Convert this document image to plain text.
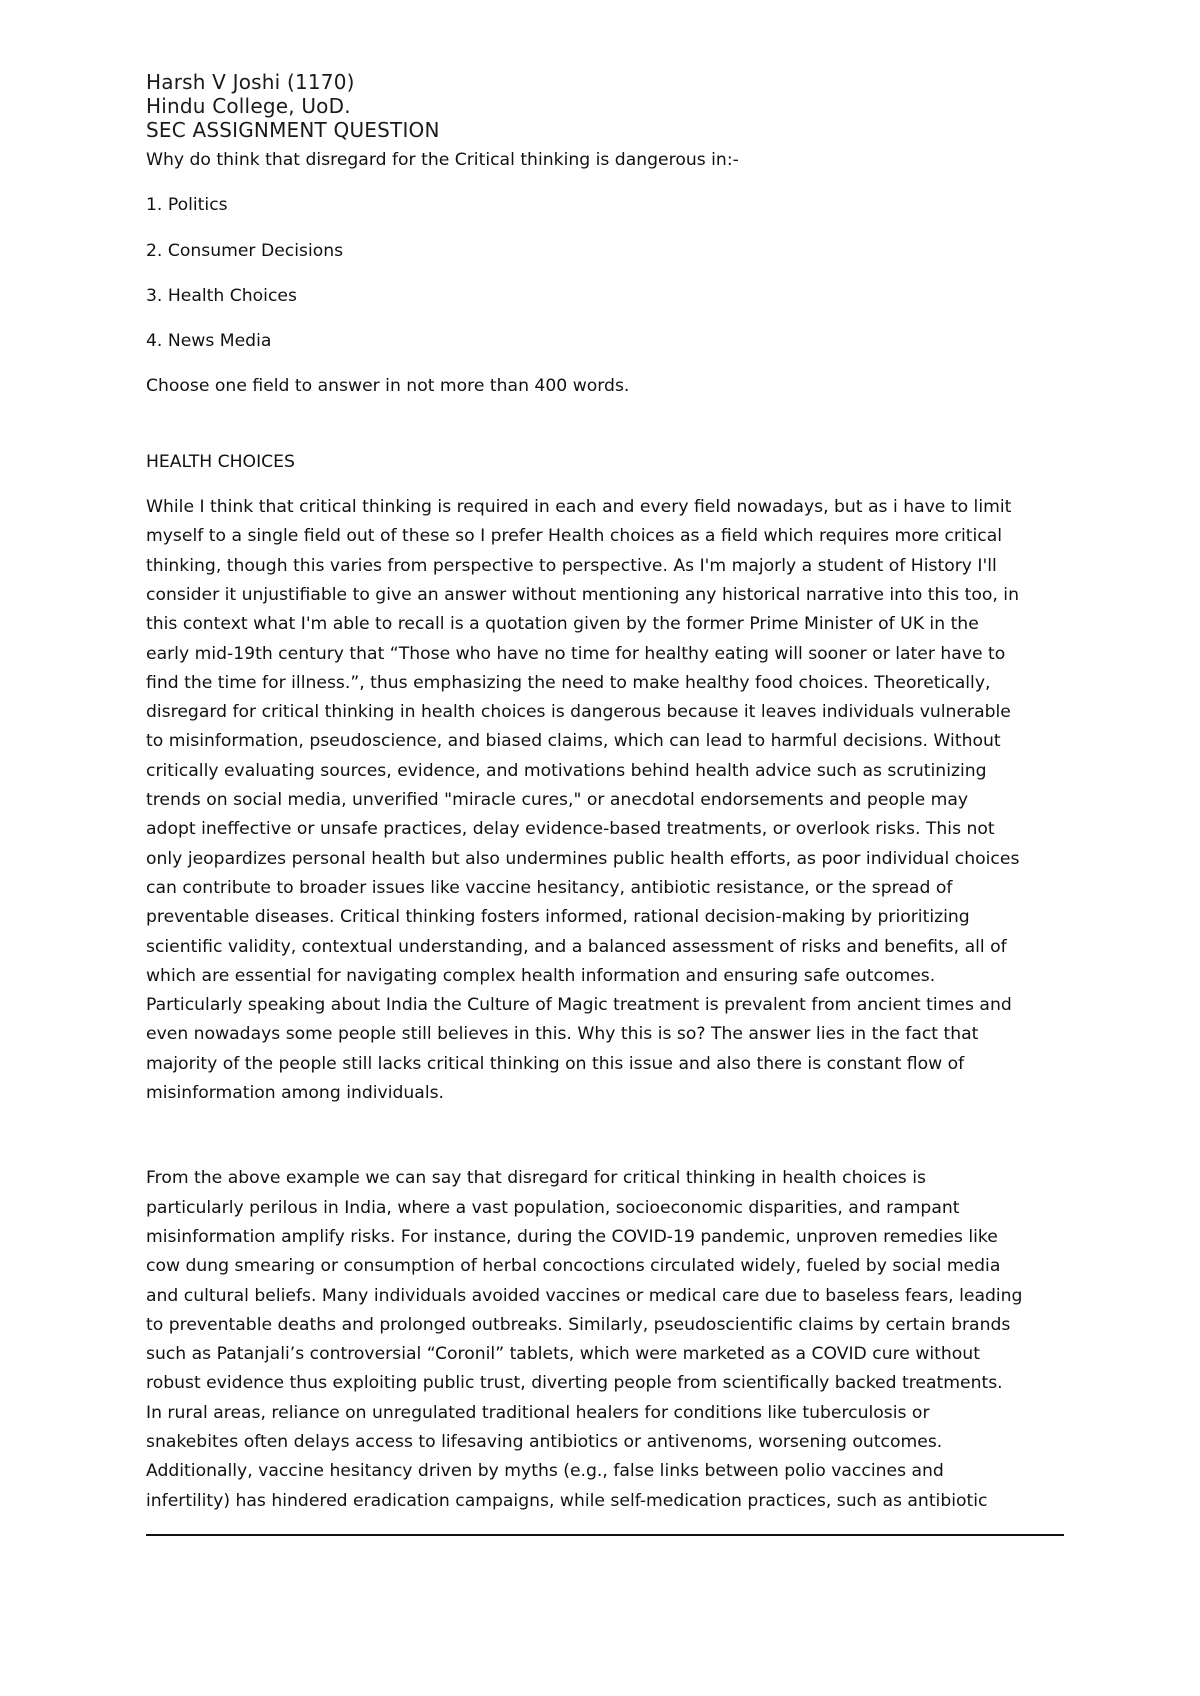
Harsh V Joshi (1170)
Hindu College, UoD.
SEC ASSIGNMENT QUESTION

Why do think that disregard for the Critical thinking is dangerous in:-

1. Politics

2. Consumer Decisions

3. Health Choices

4. News Media

Choose one field to answer in not more than 400 words.

HEALTH CHOICES

While I think that critical thinking is required in each and every field nowadays, but as i have to limit
myself to a single field out of these so I prefer Health choices as a field which requires more critical
thinking, though this varies from perspective to perspective. As I'm majorly a student of History I'll
consider it unjustifiable to give an answer without mentioning any historical narrative into this too, in
this context what I'm able to recall is a quotation given by the former Prime Minister of UK in the
early mid-19th century that “Those who have no time for healthy eating will sooner or later have to
find the time for illness.”, thus emphasizing the need to make healthy food choices. Theoretically,
disregard for critical thinking in health choices is dangerous because it leaves individuals vulnerable
to misinformation, pseudoscience, and biased claims, which can lead to harmful decisions. Without
critically evaluating sources, evidence, and motivations behind health advice such as scrutinizing
trends on social media, unverified "miracle cures," or anecdotal endorsements and people may
adopt ineffective or unsafe practices, delay evidence-based treatments, or overlook risks. This not
only jeopardizes personal health but also undermines public health efforts, as poor individual choices
can contribute to broader issues like vaccine hesitancy, antibiotic resistance, or the spread of
preventable diseases. Critical thinking fosters informed, rational decision-making by prioritizing
scientific validity, contextual understanding, and a balanced assessment of risks and benefits, all of
which are essential for navigating complex health information and ensuring safe outcomes.
Particularly speaking about India the Culture of Magic treatment is prevalent from ancient times and
even nowadays some people still believes in this. Why this is so? The answer lies in the fact that
majority of the people still lacks critical thinking on this issue and also there is constant flow of
misinformation among individuals.
From the above example we can say that disregard for critical thinking in health choices is
particularly perilous in India, where a vast population, socioeconomic disparities, and rampant
misinformation amplify risks. For instance, during the COVID-19 pandemic, unproven remedies like
cow dung smearing or consumption of herbal concoctions circulated widely, fueled by social media
and cultural beliefs. Many individuals avoided vaccines or medical care due to baseless fears, leading
to preventable deaths and prolonged outbreaks. Similarly, pseudoscientific claims by certain brands
such as Patanjali’s controversial “Coronil” tablets, which were marketed as a COVID cure without
robust evidence thus exploiting public trust, diverting people from scientifically backed treatments.
In rural areas, reliance on unregulated traditional healers for conditions like tuberculosis or
snakebites often delays access to lifesaving antibiotics or antivenoms, worsening outcomes.
Additionally, vaccine hesitancy driven by myths (e.g., false links between polio vaccines and
infertility) has hindered eradication campaigns, while self-medication practices, such as antibiotic
